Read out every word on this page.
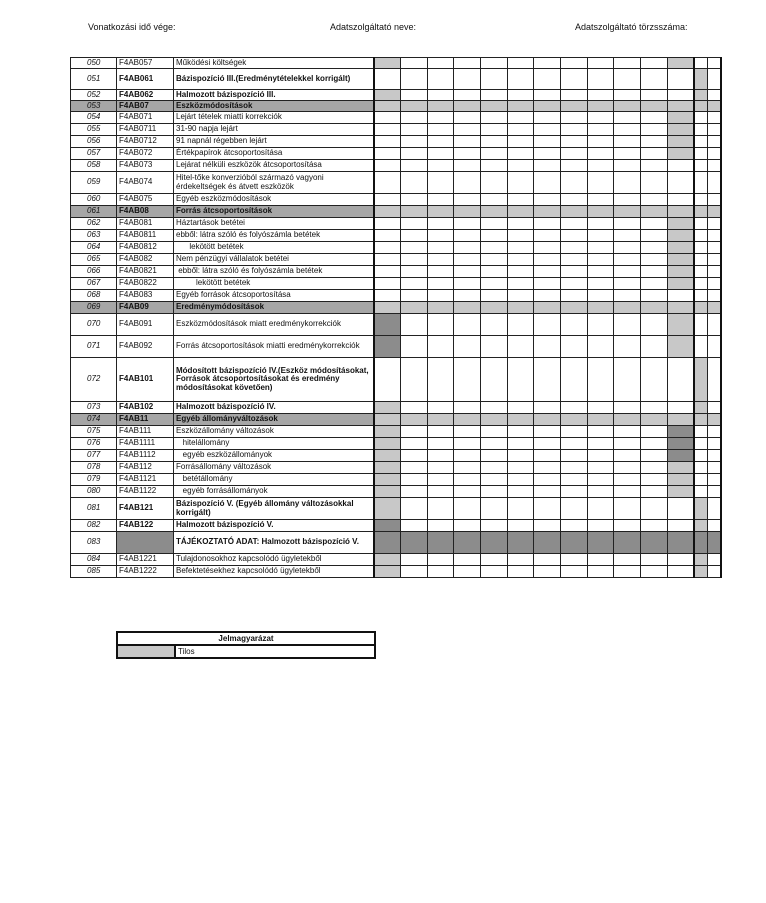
Vonatkozási idő vége:	Adatszolgáltató neve:	Adatszolgáltató törzsszáma:
050	F4AB057	Működési költségek														
051	F4AB061	Bázispozíció III.(Eredménytételekkel korrigált)														
052	F4AB062	Halmozott bázispozíció III.														
053	F4AB07	Eszközmódosítások														
054	F4AB071	Lejárt tételek miatti korrekciók														
055	F4AB0711	31-90 napja lejárt														
056	F4AB0712	91 napnál régebben lejárt														
057	F4AB072	Értékpapírok átcsoportosítása														
058	F4AB073	Lejárat nélküli eszközök átcsoportosítása														
059	F4AB074	Hitel-tőke konverzióból származó vagyoni érdekeltségek és átvett eszközök														
060	F4AB075	Egyéb eszközmódosítások														
061	F4AB08	Forrás átcsoportosítások														
062	F4AB081	Háztartások betétei														
063	F4AB0811	ebből: látra szóló és folyószámla betétek														
064	F4AB0812	lekötött betétek														
065	F4AB082	Nem pénzügyi vállalatok betétei														
066	F4AB0821	ebből: látra szóló és folyószámla betétek														
067	F4AB0822	lekötött betétek														
068	F4AB083	Egyéb források átcsoportosítása														
069	F4AB09	Eredménymódosítások														
070	F4AB091	Eszközmódosítások miatt eredménykorrekciók														
071	F4AB092	Forrás átcsoportosítások miatti eredménykorrekciók														
072	F4AB101	Módosított bázispozíció IV.(Eszköz módosításokat, Források átcsoportosításokat és eredmény módosításokat követően)														
073	F4AB102	Halmozott bázispozíció IV.														
074	F4AB11	Egyéb állományváltozások														
075	F4AB111	Eszközállomány változások														
076	F4AB1111	hitelállomány														
077	F4AB1112	egyéb eszközállományok														
078	F4AB112	Forrásállomány változások														
079	F4AB1121	betétállomány														
080	F4AB1122	egyéb forrásállományok														
081	F4AB121	Bázispozíció V. (Egyéb állomány változásokkal korrigált)														
082	F4AB122	Halmozott bázispozíció V.														
083		TÁJÉKOZTATÓ ADAT: Halmozott bázispozíció V.														
084	F4AB1221	Tulajdonosokhoz kapcsolódó ügyletekből														
085	F4AB1222	Befektetésekhez kapcsolódó ügyletekből														
Jelmagyarázat
	Tilos
